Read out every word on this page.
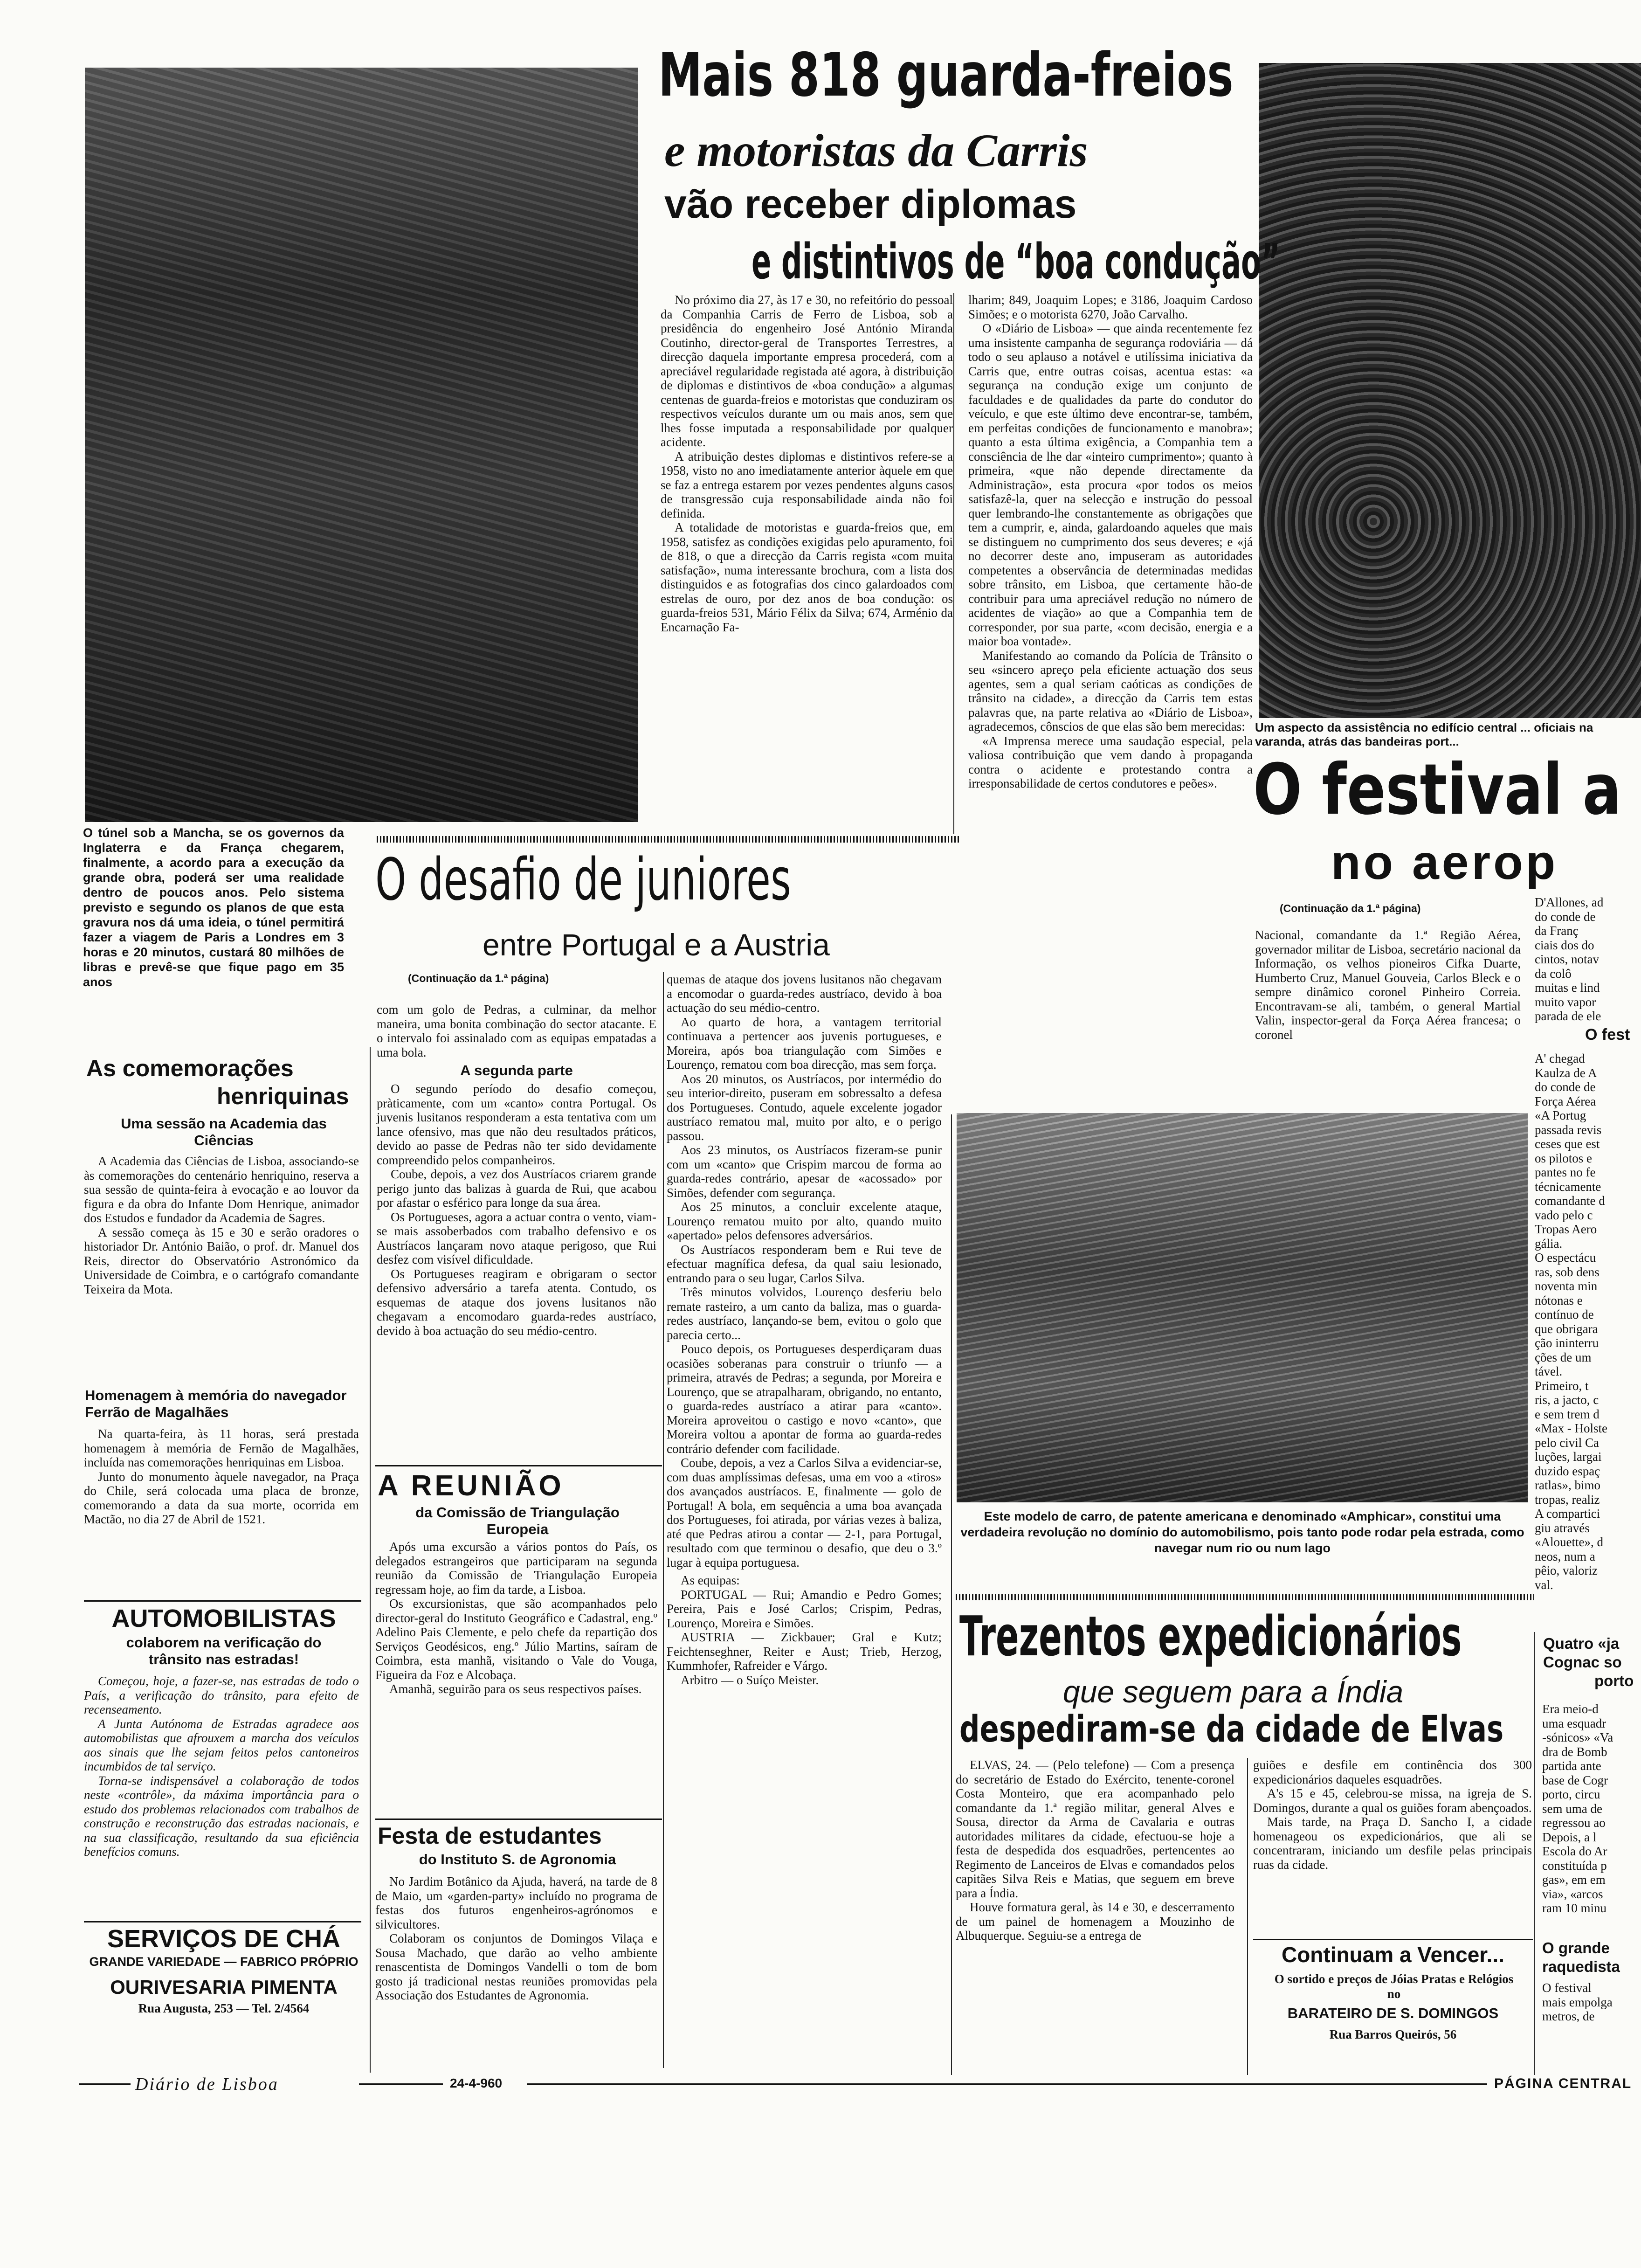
O túnel sob a Mancha, se os governos da Inglaterra e da França chegarem, finalmente, a acordo para a execução da grande obra, poderá ser uma realidade dentro de poucos anos. Pelo sistema previsto e segundo os planos de que esta gravura nos dá uma ideia, o túnel permitirá fazer a viagem de Paris a Londres em 3 horas e 20 minutos, custará 80 milhões de libras e prevê-se que fique pago em 35 anos
Mais 818 guarda-freios
e motoristas da Carris
vão receber diplomas
e distintivos de “boa condução”

No próximo dia 27, às 17 e 30, no refeitório do pessoal da Companhia Carris de Ferro de Lisboa, sob a presidência do engenheiro José António Miranda Coutinho, director-geral de Transportes Terrestres, a direcção daquela importante empresa procederá, com a apreciável regularidade registada até agora, à distribuição de diplomas e distintivos de «boa condução» a algumas centenas de guarda-freios e motoristas que conduziram os respectivos veículos durante um ou mais anos, sem que lhes fosse imputada a responsabilidade por qualquer acidente.

A atribuição destes diplomas e distintivos refere-se a 1958, visto no ano imediatamente anterior àquele em que se faz a entrega estarem por vezes pendentes alguns casos de transgressão cuja responsabilidade ainda não foi definida.

A totalidade de motoristas e guarda-freios que, em 1958, satisfez as condições exigidas pelo apuramento, foi de 818, o que a direcção da Carris regista «com muita satisfação», numa interessante brochura, com a lista dos distinguidos e as fotografias dos cinco galardoados com estrelas de ouro, por dez anos de boa condução: os guarda-freios 531, Mário Félix da Silva; 674, Arménio da Encarnação Fa-

lharim; 849, Joaquim Lopes; e 3186, Joaquim Cardoso Simões; e o motorista 6270, João Carvalho.

O «Diário de Lisboa» — que ainda recentemente fez uma insistente campanha de segurança rodoviária — dá todo o seu aplauso a notável e utilíssima iniciativa da Carris que, entre outras coisas, acentua estas: «a segurança na condução exige um conjunto de faculdades e de qualidades da parte do condutor do veículo, e que este último deve encontrar-se, também, em perfeitas condições de funcionamento e manobra»; quanto a esta última exigência, a Companhia tem a consciência de lhe dar «inteiro cumprimento»; quanto à primeira, «que não depende directamente da Administração», esta procura «por todos os meios satisfazê-la, quer na selecção e instrução do pessoal quer lembrando-lhe constantemente as obrigações que tem a cumprir, e, ainda, galardoando aqueles que mais se distinguem no cumprimento dos seus deveres; e «já no decorrer deste ano, impuseram as autoridades competentes a observância de determinadas medidas sobre trânsito, em Lisboa, que certamente hão-de contribuir para uma apreciável redução no número de acidentes de viação» ao que a Companhia tem de corresponder, por sua parte, «com decisão, energia e a maior boa vontade».

Manifestando ao comando da Polícia de Trânsito o seu «sincero apreço pela eficiente actuação dos seus agentes, sem a qual seriam caóticas as condições de trânsito na cidade», a direcção da Carris tem estas palavras que, na parte relativa ao «Diário de Lisboa», agradecemos, cônscios de que elas são bem merecidas:

«A Imprensa merece uma saudação especial, pela valiosa contribuição que vem dando à propaganda contra o acidente e protestando contra a irresponsabilidade de certos condutores e peões».

Um aspecto da assistência no edifício central ... oficiais na varanda, atrás das bandeiras port...
O festival a
no aerop
(Continuação da 1.ª página)
Nacional, comandante da 1.ª Região Aérea, governador militar de Lisboa, secretário nacional da Informação, os velhos pioneiros Cifka Duarte, Humberto Cruz, Manuel Gouveia, Carlos Bleck e o sempre dinâmico coronel Pinheiro Correia. Encontravam-se ali, também, o general Martial Valin, inspector-geral da Força Aérea francesa; o coronel
D'Allones, ad
do conde de
da Franç
ciais dos do
cintos, notav
da colô
muitas e lind
muito vapor
parada de ele
O fest
A' chegad
Kaulza de A
do conde de
Força Aérea
«A Portug
passada revis
ceses que est
os pilotos e
pantes no fe
técnicamente
comandante d
vado pelo c
Tropas Aero
gália.
O espectácu
ras, sob dens
noventa min
nótonas e
contínuo de
que obrigara
ção ininterru
ções de um
tável.
Primeiro, t
ris, a jacto, c
e sem trem d
«Max - Holste
pelo civil Ca
luções, largai
duzido espaç
ratlas», bimo
tropas, realiz
A compartici
giu através
«Alouette», d
neos, num a
pêio, valoriz
val.
Este modelo de carro, de patente americana e denominado «Amphicar», constitui uma verdadeira revolução no domínio do automobilismo, pois tanto pode rodar pela estrada, como navegar num rio ou num lago
O desafio de juniores
entre Portugal e a Austria
(Continuação da 1.ª página)

com um golo de Pedras, a culminar, da melhor maneira, uma bonita combinação do sector atacante. E o intervalo foi assinalado com as equipas empatadas a uma bola.

A segunda parte

O segundo período do desafio começou, pràticamente, com um «canto» contra Portugal. Os juvenis lusitanos responderam a esta tentativa com um lance ofensivo, mas que não deu resultados práticos, devido ao passe de Pedras não ter sido devidamente compreendido pelos companheiros.

Coube, depois, a vez dos Austríacos criarem grande perigo junto das balizas à guarda de Rui, que acabou por afastar o esférico para longe da sua área.

Os Portugueses, agora a actuar contra o vento, viam-se mais assoberbados com trabalho defensivo e os Austríacos lançaram novo ataque perigoso, que Rui desfez com visível dificuldade.

Os Portugueses reagiram e obrigaram o sector defensivo adversário a tarefa atenta. Contudo, os esquemas de ataque dos jovens lusitanos não chegavam a encomodaro guarda-redes austríaco, devido à boa actuação do seu médio-centro.

quemas de ataque dos jovens lusitanos não chegavam a encomodar o guarda-redes austríaco, devido à boa actuação do seu médio-centro.

Ao quarto de hora, a vantagem territorial continuava a pertencer aos juvenis portugueses, e Moreira, após boa triangulação com Simões e Lourenço, rematou com boa direcção, mas sem força.

Aos 20 minutos, os Austríacos, por intermédio do seu interior-direito, puseram em sobressalto a defesa dos Portugueses. Contudo, aquele excelente jogador austríaco rematou mal, muito por alto, e o perigo passou.

Aos 23 minutos, os Austríacos fizeram-se punir com um «canto» que Crispim marcou de forma ao guarda-redes contrário, apesar de «acossado» por Simões, defender com segurança.

Aos 25 minutos, a concluir excelente ataque, Lourenço rematou muito por alto, quando muito «apertado» pelos defensores adversários.

Os Austríacos responderam bem e Rui teve de efectuar magnífica defesa, da qual saiu lesionado, entrando para o seu lugar, Carlos Silva.

Três minutos volvidos, Lourenço desferiu belo remate rasteiro, a um canto da baliza, mas o guarda-redes austríaco, lançando-se bem, evitou o golo que parecia certo...

Pouco depois, os Portugueses desperdiçaram duas ocasiões soberanas para construir o triunfo — a primeira, através de Pedras; a segunda, por Moreira e Lourenço, que se atrapalharam, obrigando, no entanto, o guarda-redes austríaco a atirar para «canto». Moreira aproveitou o castigo e novo «canto», que Moreira voltou a apontar de forma ao guarda-redes contrário defender com facilidade.

Coube, depois, a vez a Carlos Silva a evidenciar-se, com duas amplíssimas defesas, uma em voo a «tiros» dos avançados austríacos. E, finalmente — golo de Portugal! A bola, em sequência a uma boa avançada dos Portugueses, foi atirada, por várias vezes à baliza, até que Pedras atirou a contar — 2-1, para Portugal, resultado com que terminou o desafio, que deu o 3.º lugar à equipa portuguesa.

As equipas:

PORTUGAL — Rui; Amandio e Pedro Gomes; Pereira, Pais e José Carlos; Crispim, Pedras, Lourenço, Moreira e Simões.

AUSTRIA — Zickbauer; Gral e Kutz; Feichtenseghner, Reiter e Aust; Trieb, Herzog, Kummhofer, Rafreider e Várgo.

Arbitro — o Suíço Meister.

As comemorações
henriquinas
Uma sessão na Academia das Ciências

A Academia das Ciências de Lisboa, associando-se às comemorações do centenário henriquino, reserva a sua sessão de quinta-feira à evocação e ao louvor da figura e da obra do Infante Dom Henrique, animador dos Estudos e fundador da Academia de Sagres.

A sessão começa às 15 e 30 e serão oradores o historiador Dr. António Baião, o prof. dr. Manuel dos Reis, director do Observatório Astronómico da Universidade de Coimbra, e o cartógrafo comandante Teixeira da Mota.

Homenagem à memória do navegador Ferrão de Magalhães

Na quarta-feira, às 11 horas, será prestada homenagem à memória de Fernão de Magalhães, incluída nas comemorações henriquinas em Lisboa.

Junto do monumento àquele navegador, na Praça do Chile, será colocada uma placa de bronze, comemorando a data da sua morte, ocorrida em Mactão, no dia 27 de Abril de 1521.

AUTOMOBILISTAS
colaborem na verificação do trânsito nas estradas!

Começou, hoje, a fazer-se, nas estradas de todo o País, a verificação do trânsito, para efeito de recenseamento.

A Junta Autónoma de Estradas agradece aos automobilistas que afrouxem a marcha dos veículos aos sinais que lhe sejam feitos pelos cantoneiros incumbidos de tal serviço.

Torna-se indispensável a colaboração de todos neste «contrôle», da máxima importância para o estudo dos problemas relacionados com trabalhos de construção e reconstrução das estradas nacionais, e na sua classificação, resultando da sua eficiência benefícios comuns.

SERVIÇOS DE CHÁ
GRANDE VARIEDADE — FABRICO PRÓPRIO
OURIVESARIA PIMENTA
Rua Augusta, 253 — Tel. 2/4564
A REUNIÃO
da Comissão de Triangulação Europeia

Após uma excursão a vários pontos do País, os delegados estrangeiros que participaram na segunda reunião da Comissão de Triangulação Europeia regressam hoje, ao fim da tarde, a Lisboa.

Os excursionistas, que são acompanhados pelo director-geral do Instituto Geográfico e Cadastral, eng.º Adelino Pais Clemente, e pelo chefe da repartição dos Serviços Geodésicos, eng.º Júlio Martins, saíram de Coimbra, esta manhã, visitando o Vale do Vouga, Figueira da Foz e Alcobaça.

Amanhã, seguirão para os seus respectivos países.

Festa de estudantes
do Instituto S. de Agronomia

No Jardim Botânico da Ajuda, haverá, na tarde de 8 de Maio, um «garden-party» incluído no programa de festas dos futuros engenheiros-agrónomos e silvicultores.

Colaboram os conjuntos de Domingos Vilaça e Sousa Machado, que darão ao velho ambiente renascentista de Domingos Vandelli o tom de bom gosto já tradicional nestas reuniões promovidas pela Associação dos Estudantes de Agronomia.

Trezentos expedicionários
que seguem para a Índia
despediram-se da cidade de Elvas

ELVAS, 24. — (Pelo telefone) — Com a presença do secretário de Estado do Exército, tenente-coronel Costa Monteiro, que era acompanhado pelo comandante da 1.ª região militar, general Alves e Sousa, director da Arma de Cavalaria e outras autoridades militares da cidade, efectuou-se hoje a festa de despedida dos esquadrões, pertencentes ao Regimento de Lanceiros de Elvas e comandados pelos capitães Silva Reis e Matias, que seguem em breve para a Índia.

Houve formatura geral, às 14 e 30, e descerramento de um painel de homenagem a Mouzinho de Albuquerque. Seguiu-se a entrega de

guiões e desfile em continência dos 300 expedicionários daqueles esquadrões.

A's 15 e 45, celebrou-se missa, na igreja de S. Domingos, durante a qual os guiões foram abençoados.

Mais tarde, na Praça D. Sancho I, a cidade homenageou os expedicionários, que ali se concentraram, iniciando um desfile pelas principais ruas da cidade.

Continuam a Vencer...
O sortido e preços de Jóias Pratas e Relógios no
BARATEIRO DE S. DOMINGOS
Rua Barros Queirós, 56
Quatro «ja
Cognac so
porto
Era meio-d
uma esquadr
-sónicos» «Va
dra de Bomb
partida ante
base de Cogr
porto, circu
sem uma de
regressou ao
Depois, a l
Escola do Ar
constituída p
gas», em em
via», «arcos
ram 10 minu
O grande
raquedista
O festival
mais empolga
metros, de
Diário de Lisboa	24-4-960	PÁGINA CENTRAL
